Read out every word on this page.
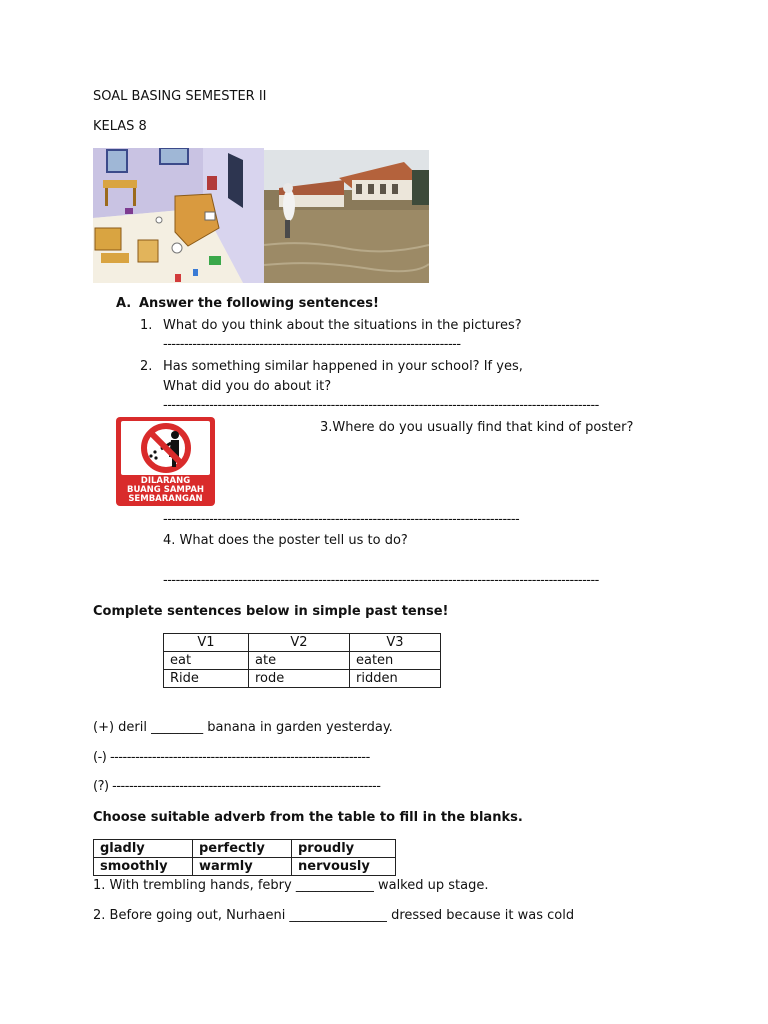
SOAL BASING SEMESTER II
KELAS 8
A. Answer the following sentences!
1. What do you think about the situations in the pictures?
-----------------------------------------------------------------------
2. Has something similar happened in your school? If yes,
What did you do about it?
--------------------------------------------------------------------------------------------------------
DILARANG
BUANG SAMPAH
SEMBARANGAN
3.Where do you usually find that kind of poster?
-------------------------------------------------------------------------------------
4. What does the poster tell us to do?
--------------------------------------------------------------------------------------------------------
Complete sentences below in simple past tense!
V1	V2	V3
eat	ate	eaten
Ride	rode	ridden
(+) deril ________ banana in garden yesterday.
(-) --------------------------------------------------------------
(?) ----------------------------------------------------------------
Choose suitable adverb from the table to fill in the blanks.
gladly	perfectly	proudly
smoothly	warmly	nervously
1. With trembling hands, febry ____________ walked up stage.
2. Before going out, Nurhaeni _______________ dressed because it was cold
